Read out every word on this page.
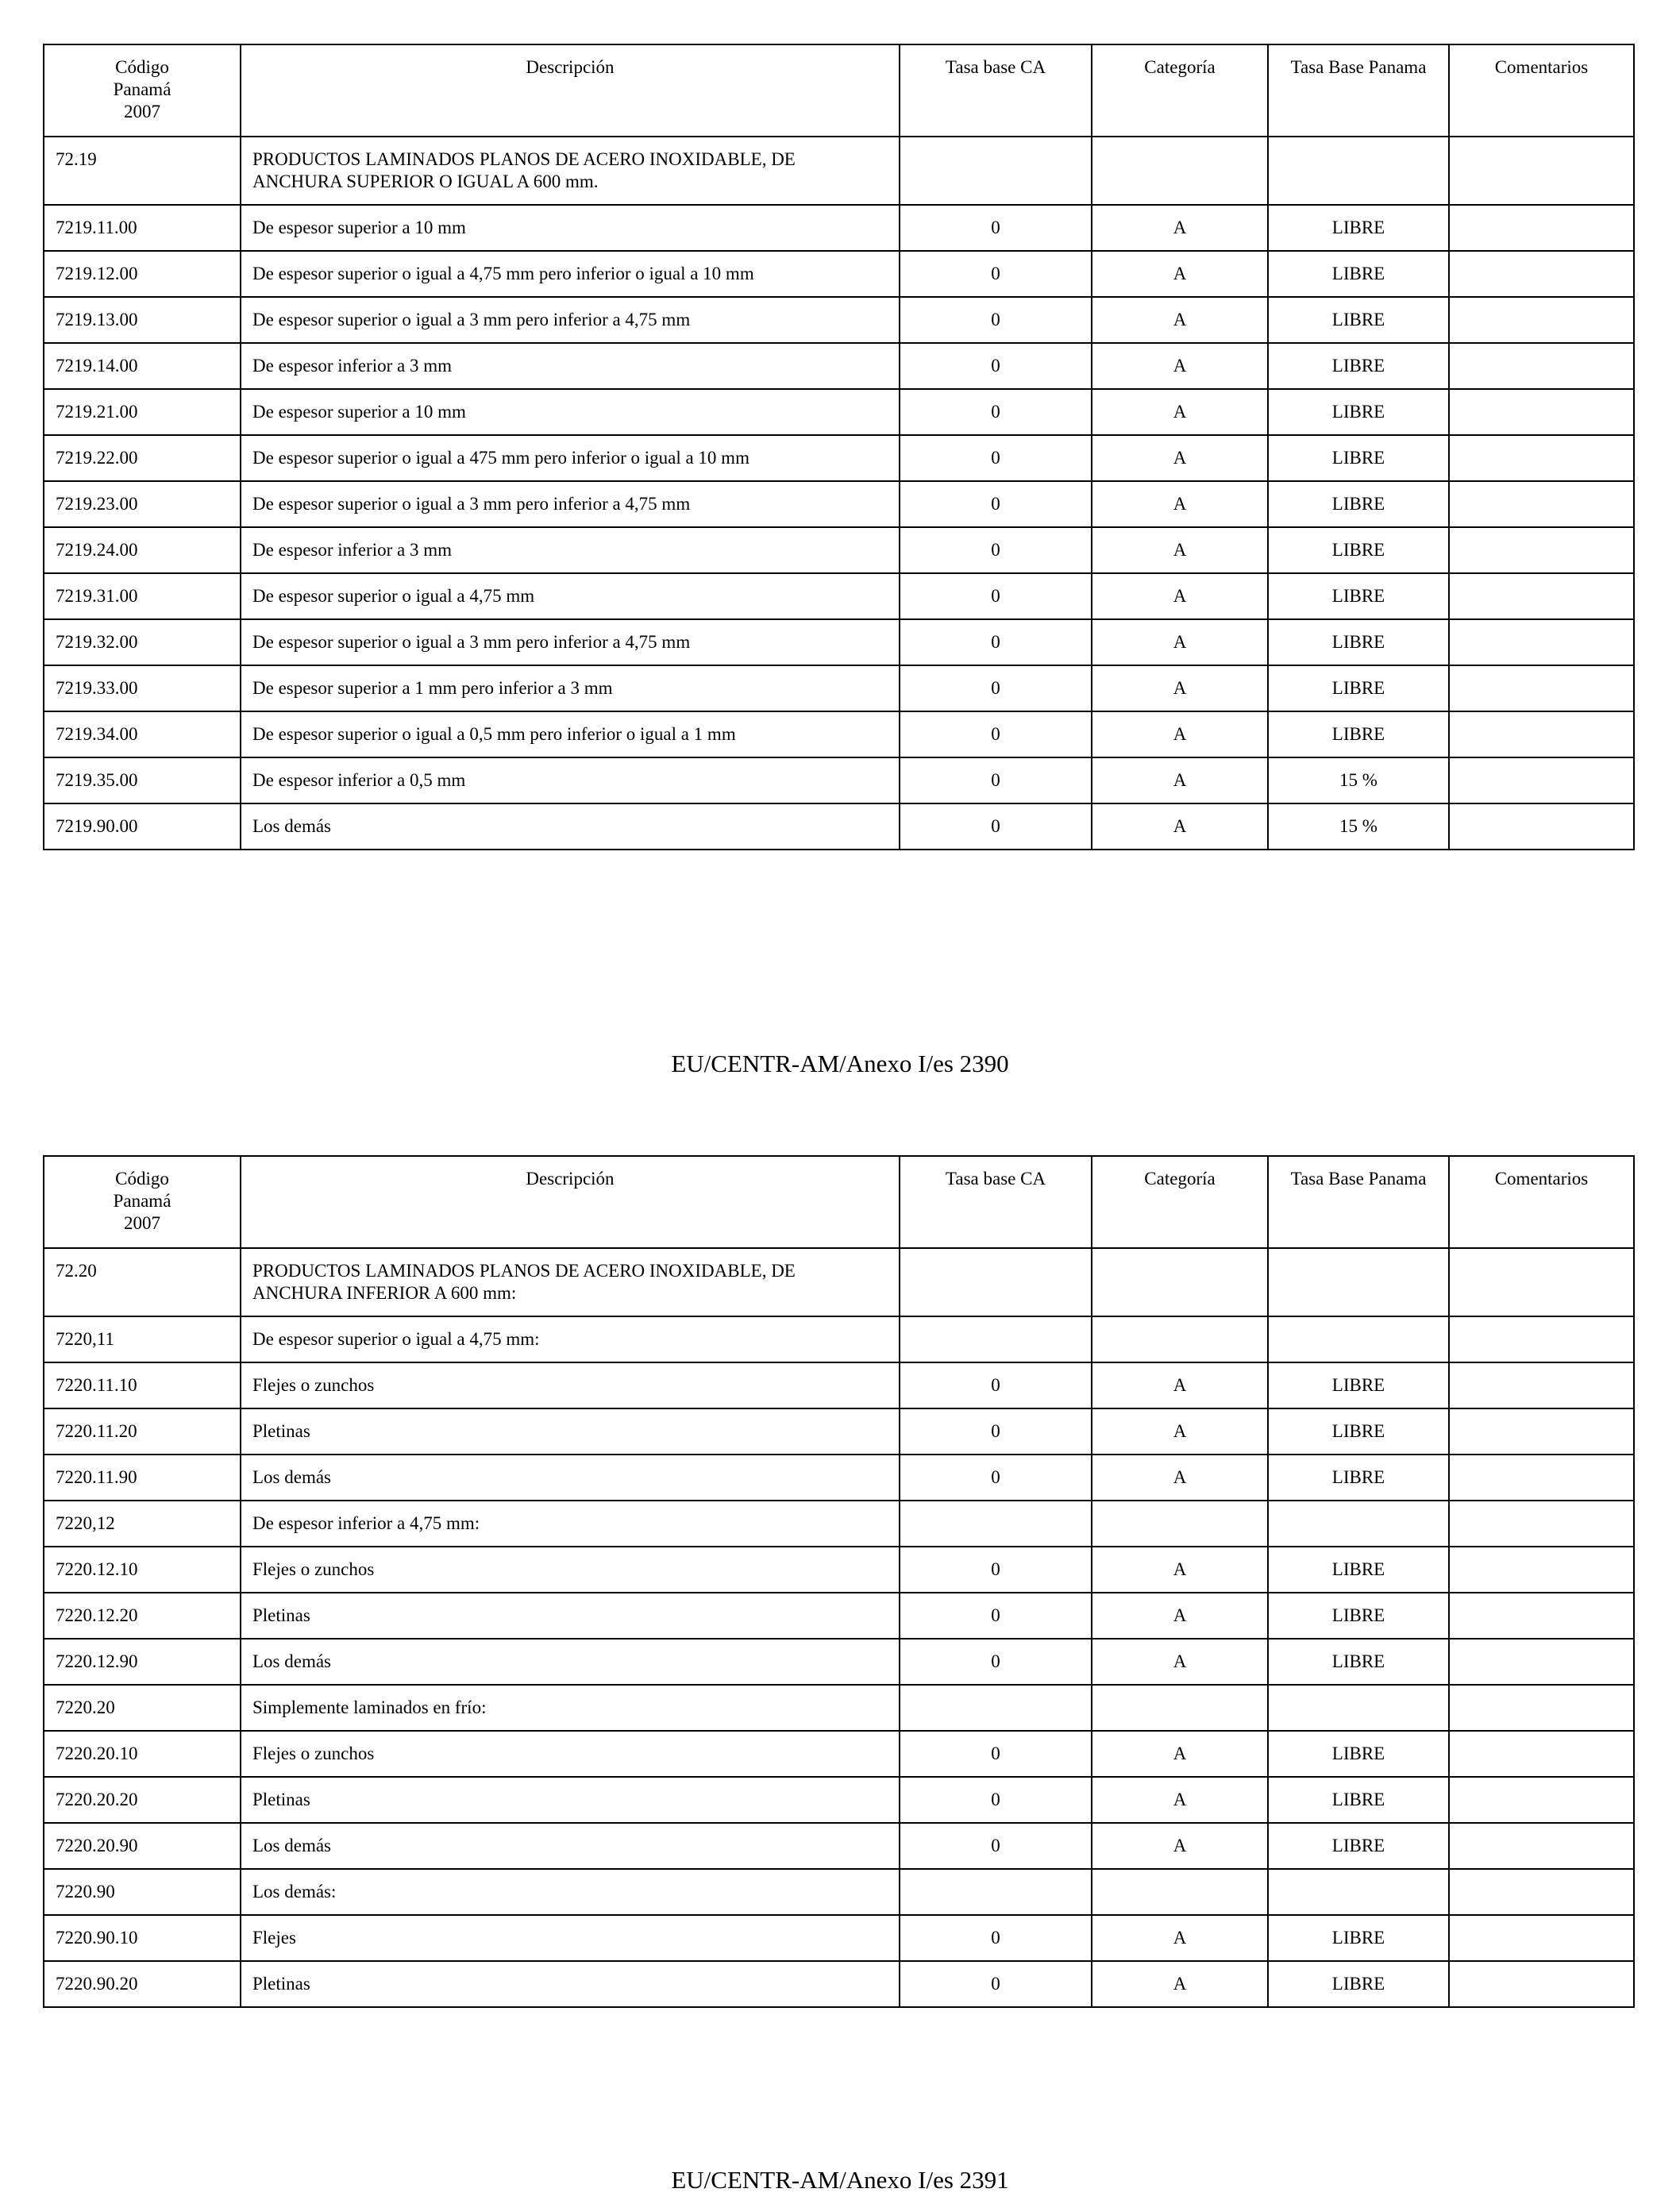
Código
Panamá
2007	Descripción	Tasa base CA	Categoría	Tasa Base Panama	Comentarios
72.19	PRODUCTOS LAMINADOS PLANOS DE ACERO INOXIDABLE, DE ANCHURA SUPERIOR O IGUAL A 600 mm.				
7219.11.00	De espesor superior a 10 mm	0	A	LIBRE	
7219.12.00	De espesor superior o igual a 4,75 mm pero inferior o igual a 10 mm	0	A	LIBRE	
7219.13.00	De espesor superior o igual a 3 mm pero inferior a 4,75 mm	0	A	LIBRE	
7219.14.00	De espesor inferior a 3 mm	0	A	LIBRE	
7219.21.00	De espesor superior a 10 mm	0	A	LIBRE	
7219.22.00	De espesor superior o igual a 475 mm pero inferior o igual a 10 mm	0	A	LIBRE	
7219.23.00	De espesor superior o igual a 3 mm pero inferior a 4,75 mm	0	A	LIBRE	
7219.24.00	De espesor inferior a 3 mm	0	A	LIBRE	
7219.31.00	De espesor superior o igual a 4,75 mm	0	A	LIBRE	
7219.32.00	De espesor superior o igual a 3 mm pero inferior a 4,75 mm	0	A	LIBRE	
7219.33.00	De espesor superior a 1 mm pero inferior a 3 mm	0	A	LIBRE	
7219.34.00	De espesor superior o igual a 0,5 mm pero inferior o igual a 1 mm	0	A	LIBRE	
7219.35.00	De espesor inferior a 0,5 mm	0	A	15 %	
7219.90.00	Los demás	0	A	15 %	
EU/CENTR-AM/Anexo I/es 2390
Código
Panamá
2007	Descripción	Tasa base CA	Categoría	Tasa Base Panama	Comentarios
72.20	PRODUCTOS LAMINADOS PLANOS DE ACERO INOXIDABLE, DE ANCHURA INFERIOR A 600 mm:				
7220,11	De espesor superior o igual a 4,75 mm:				
7220.11.10	Flejes o zunchos	0	A	LIBRE	
7220.11.20	Pletinas	0	A	LIBRE	
7220.11.90	Los demás	0	A	LIBRE	
7220,12	De espesor inferior a 4,75 mm:				
7220.12.10	Flejes o zunchos	0	A	LIBRE	
7220.12.20	Pletinas	0	A	LIBRE	
7220.12.90	Los demás	0	A	LIBRE	
7220.20	Simplemente laminados en frío:				
7220.20.10	Flejes o zunchos	0	A	LIBRE	
7220.20.20	Pletinas	0	A	LIBRE	
7220.20.90	Los demás	0	A	LIBRE	
7220.90	Los demás:				
7220.90.10	Flejes	0	A	LIBRE	
7220.90.20	Pletinas	0	A	LIBRE	
EU/CENTR-AM/Anexo I/es 2391
